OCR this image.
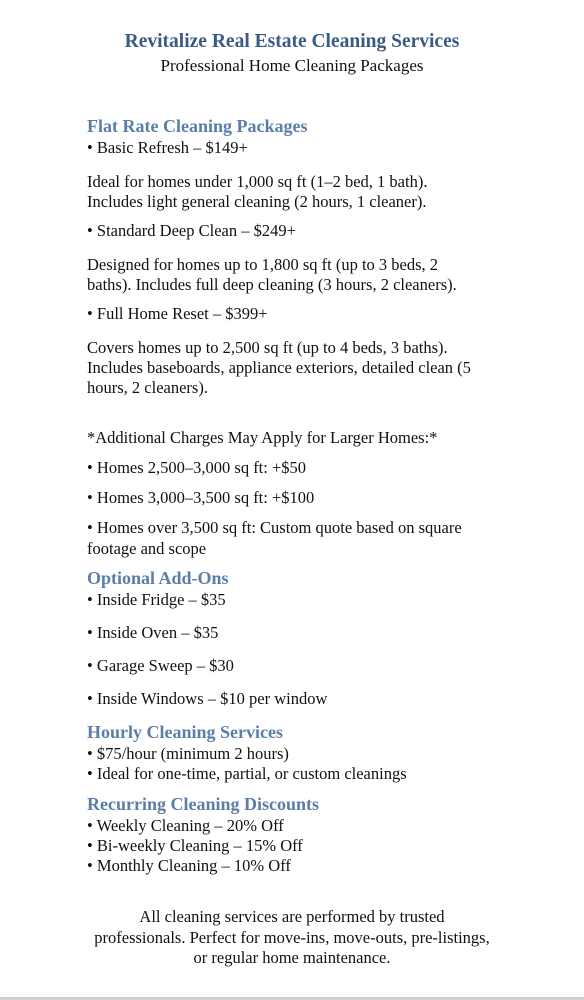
Revitalize Real Estate Cleaning Services
Professional Home Cleaning Packages
Flat Rate Cleaning Packages
• Basic Refresh – $149+
Ideal for homes under 1,000 sq ft (1–2 bed, 1 bath).
Includes light general cleaning (2 hours, 1 cleaner).
• Standard Deep Clean – $249+
Designed for homes up to 1,800 sq ft (up to 3 beds, 2
baths). Includes full deep cleaning (3 hours, 2 cleaners).
• Full Home Reset – $399+
Covers homes up to 2,500 sq ft (up to 4 beds, 3 baths).
Includes baseboards, appliance exteriors, detailed clean (5
hours, 2 cleaners).
*Additional Charges May Apply for Larger Homes:*
• Homes 2,500–3,000 sq ft: +$50
• Homes 3,000–3,500 sq ft: +$100
• Homes over 3,500 sq ft: Custom quote based on square
footage and scope
Optional Add-Ons
• Inside Fridge – $35
• Inside Oven – $35
• Garage Sweep – $30
• Inside Windows – $10 per window
Hourly Cleaning Services
• $75/hour (minimum 2 hours)
• Ideal for one-time, partial, or custom cleanings
Recurring Cleaning Discounts
• Weekly Cleaning – 20% Off
• Bi-weekly Cleaning – 15% Off
• Monthly Cleaning – 10% Off
All cleaning services are performed by trusted
professionals. Perfect for move-ins, move-outs, pre-listings,
or regular home maintenance.
